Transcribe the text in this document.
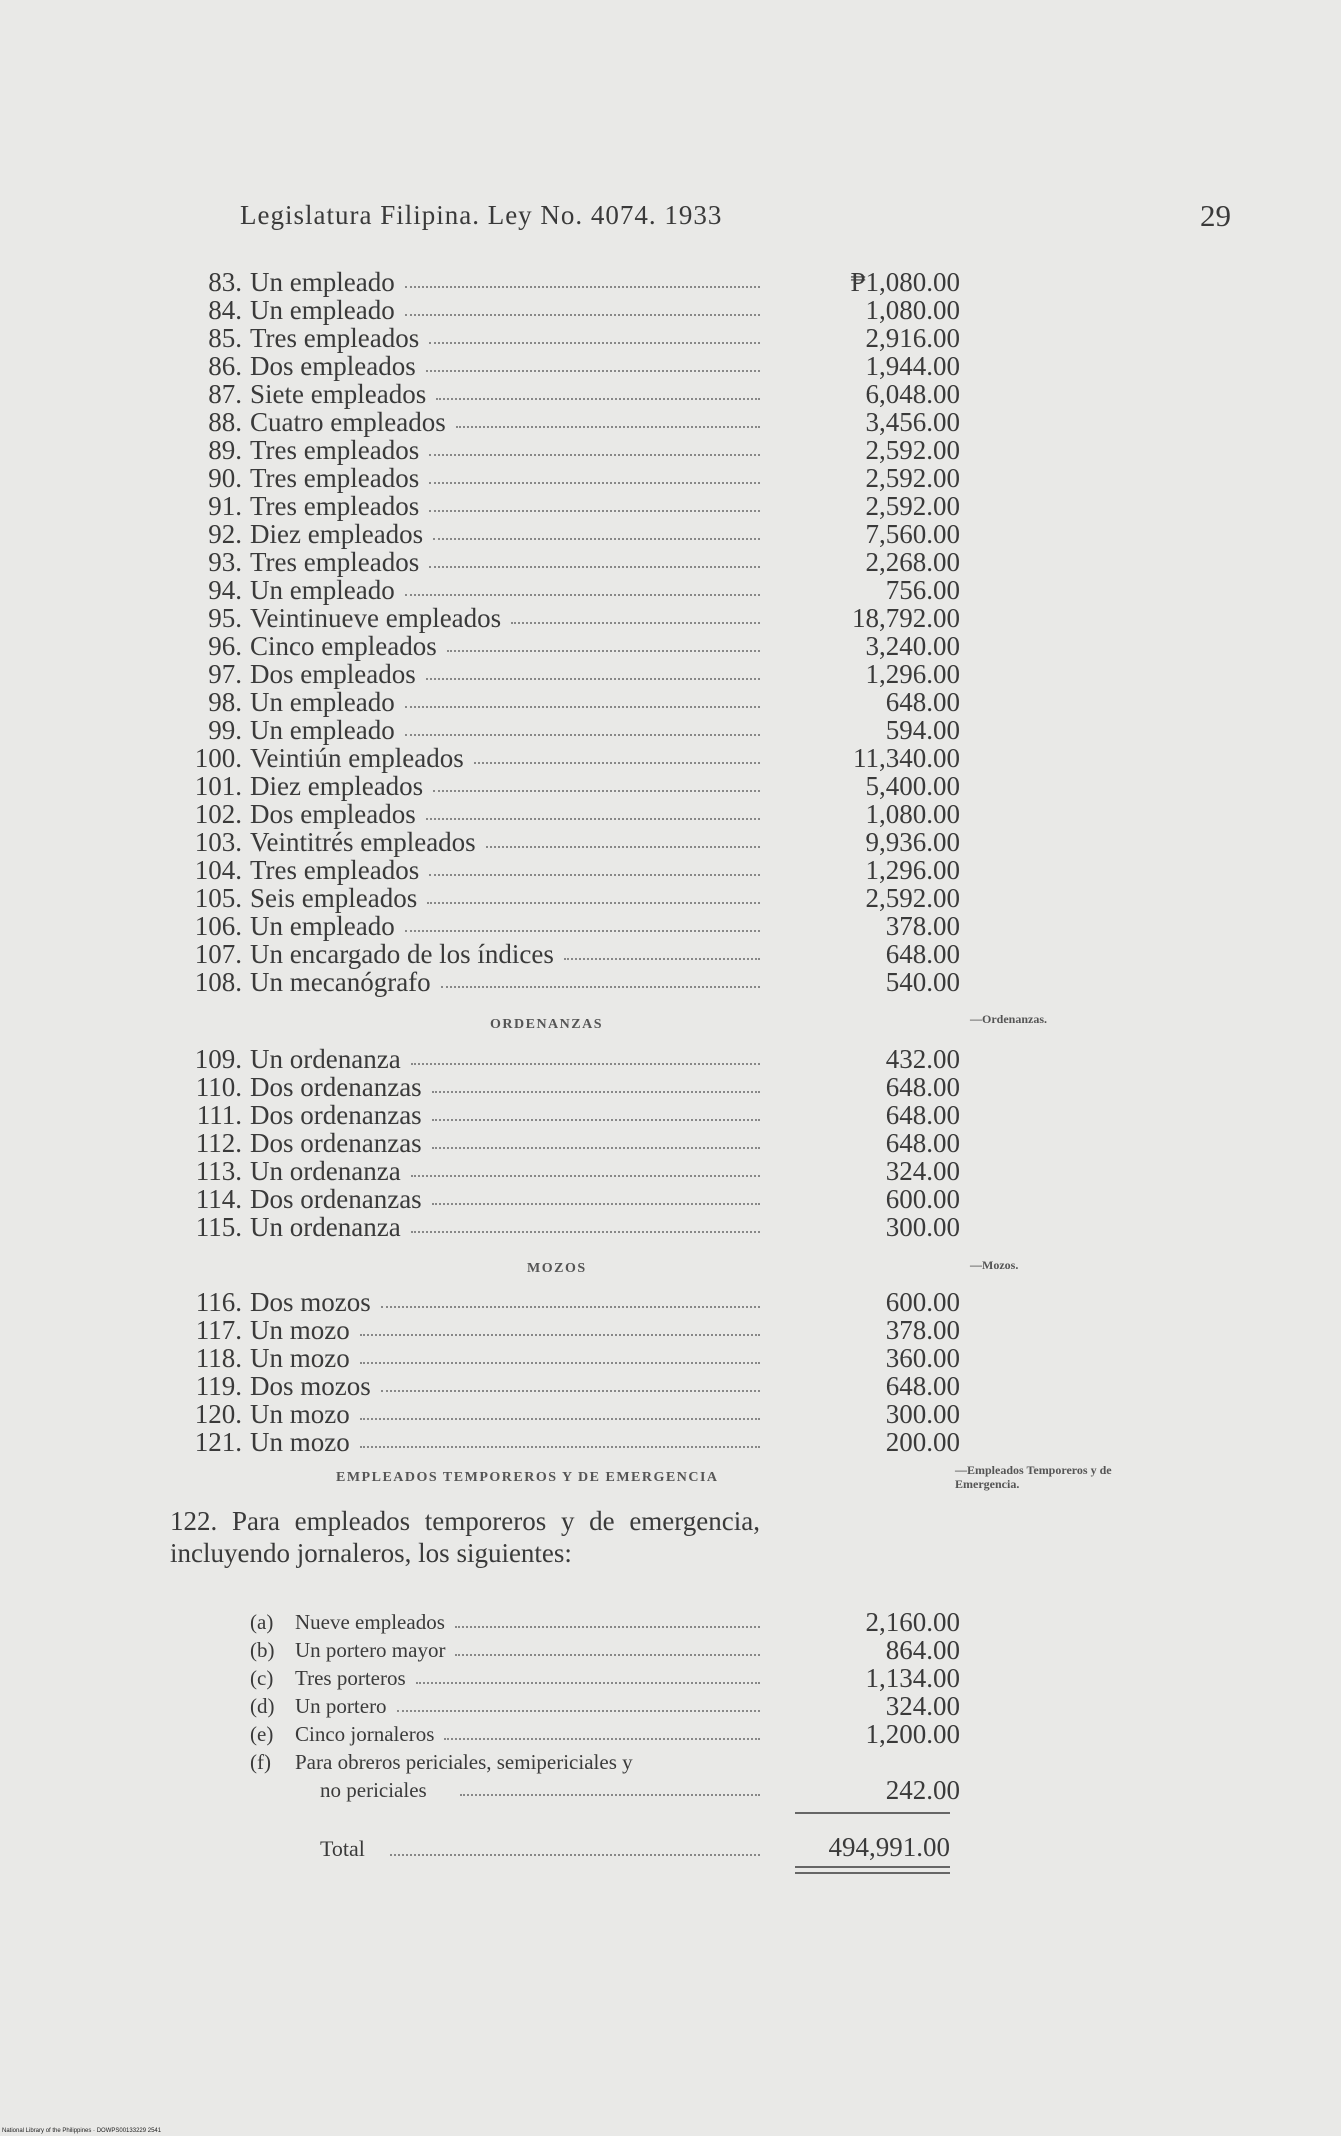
Legislatura Filipina. Ley No. 4074. 1933	29
83. Un empleado	₱1,080.00
84. Un empleado	1,080.00
85. Tres empleados	2,916.00
86. Dos empleados	1,944.00
87. Siete empleados	6,048.00
88. Cuatro empleados	3,456.00
89. Tres empleados	2,592.00
90. Tres empleados	2,592.00
91. Tres empleados	2,592.00
92. Diez empleados	7,560.00
93. Tres empleados	2,268.00
94. Un empleado	756.00
95. Veintinueve empleados	18,792.00
96. Cinco empleados	3,240.00
97. Dos empleados	1,296.00
98. Un empleado	648.00
99. Un empleado	594.00
100. Veintiún empleados	11,340.00
101. Diez empleados	5,400.00
102. Dos empleados	1,080.00
103. Veintitrés empleados	9,936.00
104. Tres empleados	1,296.00
105. Seis empleados	2,592.00
106. Un empleado	378.00
107. Un encargado de los índices	648.00
108. Un mecanógrafo	540.00
ORDENANZAS	—Ordenanzas.
109. Un ordenanza	432.00
110. Dos ordenanzas	648.00
111. Dos ordenanzas	648.00
112. Dos ordenanzas	648.00
113. Un ordenanza	324.00
114. Dos ordenanzas	600.00
115. Un ordenanza	300.00
MOZOS	—Mozos.
116. Dos mozos	600.00
117. Un mozo	378.00
118. Un mozo	360.00
119. Dos mozos	648.00
120. Un mozo	300.00
121. Un mozo	200.00
EMPLEADOS TEMPOREROS Y DE EMERGENCIA	—Empleados Temporeros y de Emergencia.
122. Para empleados temporeros y de emergencia, incluyendo jornaleros, los siguientes:
(a) Nueve empleados	2,160.00
(b) Un portero mayor	864.00
(c) Tres porteros	1,134.00
(d) Un portero	324.00
(e) Cinco jornaleros	1,200.00
(f) Para obreros periciales, semipericiales y
no periciales	242.00
Total	494,991.00
National Library of the Philippines · DOWPS00133229 2541
